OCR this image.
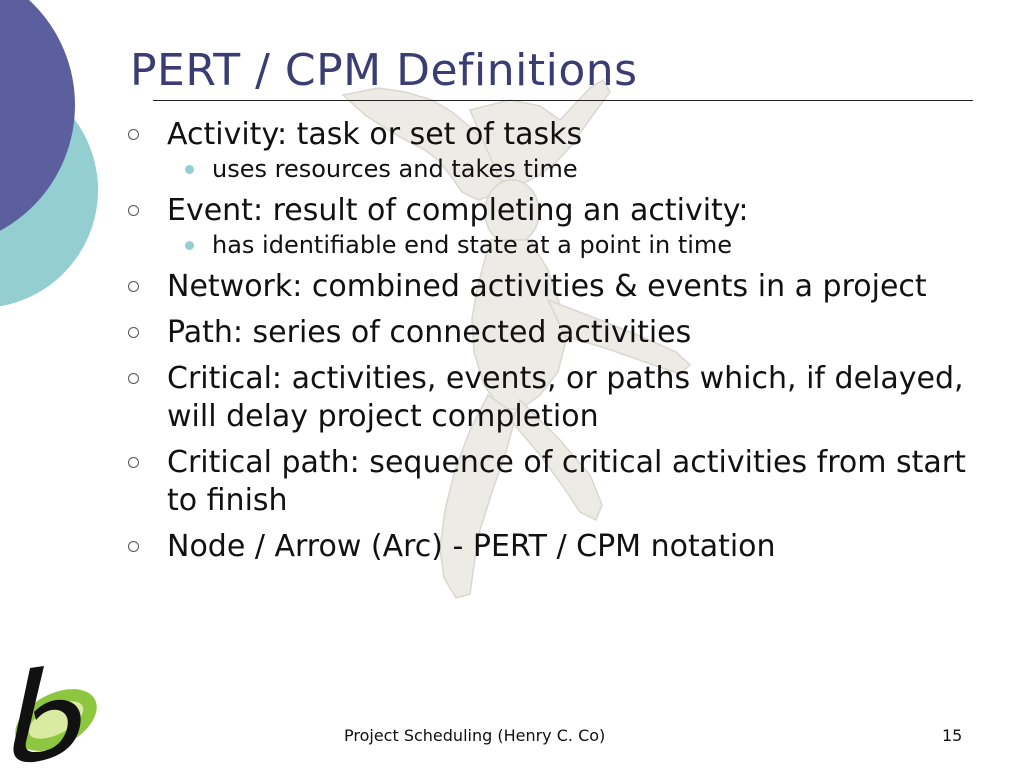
PERT / CPM Definitions
Activity: task or set of tasks
uses resources and takes time
Event: result of completing an activity:
has identifiable end state at a point in time
Network: combined activities & events in a project
Path: series of connected activities
Critical: activities, events, or paths which, if delayed, will delay project completion
Critical path: sequence of critical activities from start to finish
Node / Arrow (Arc) - PERT / CPM notation
Project Scheduling (Henry C. Co)	15
